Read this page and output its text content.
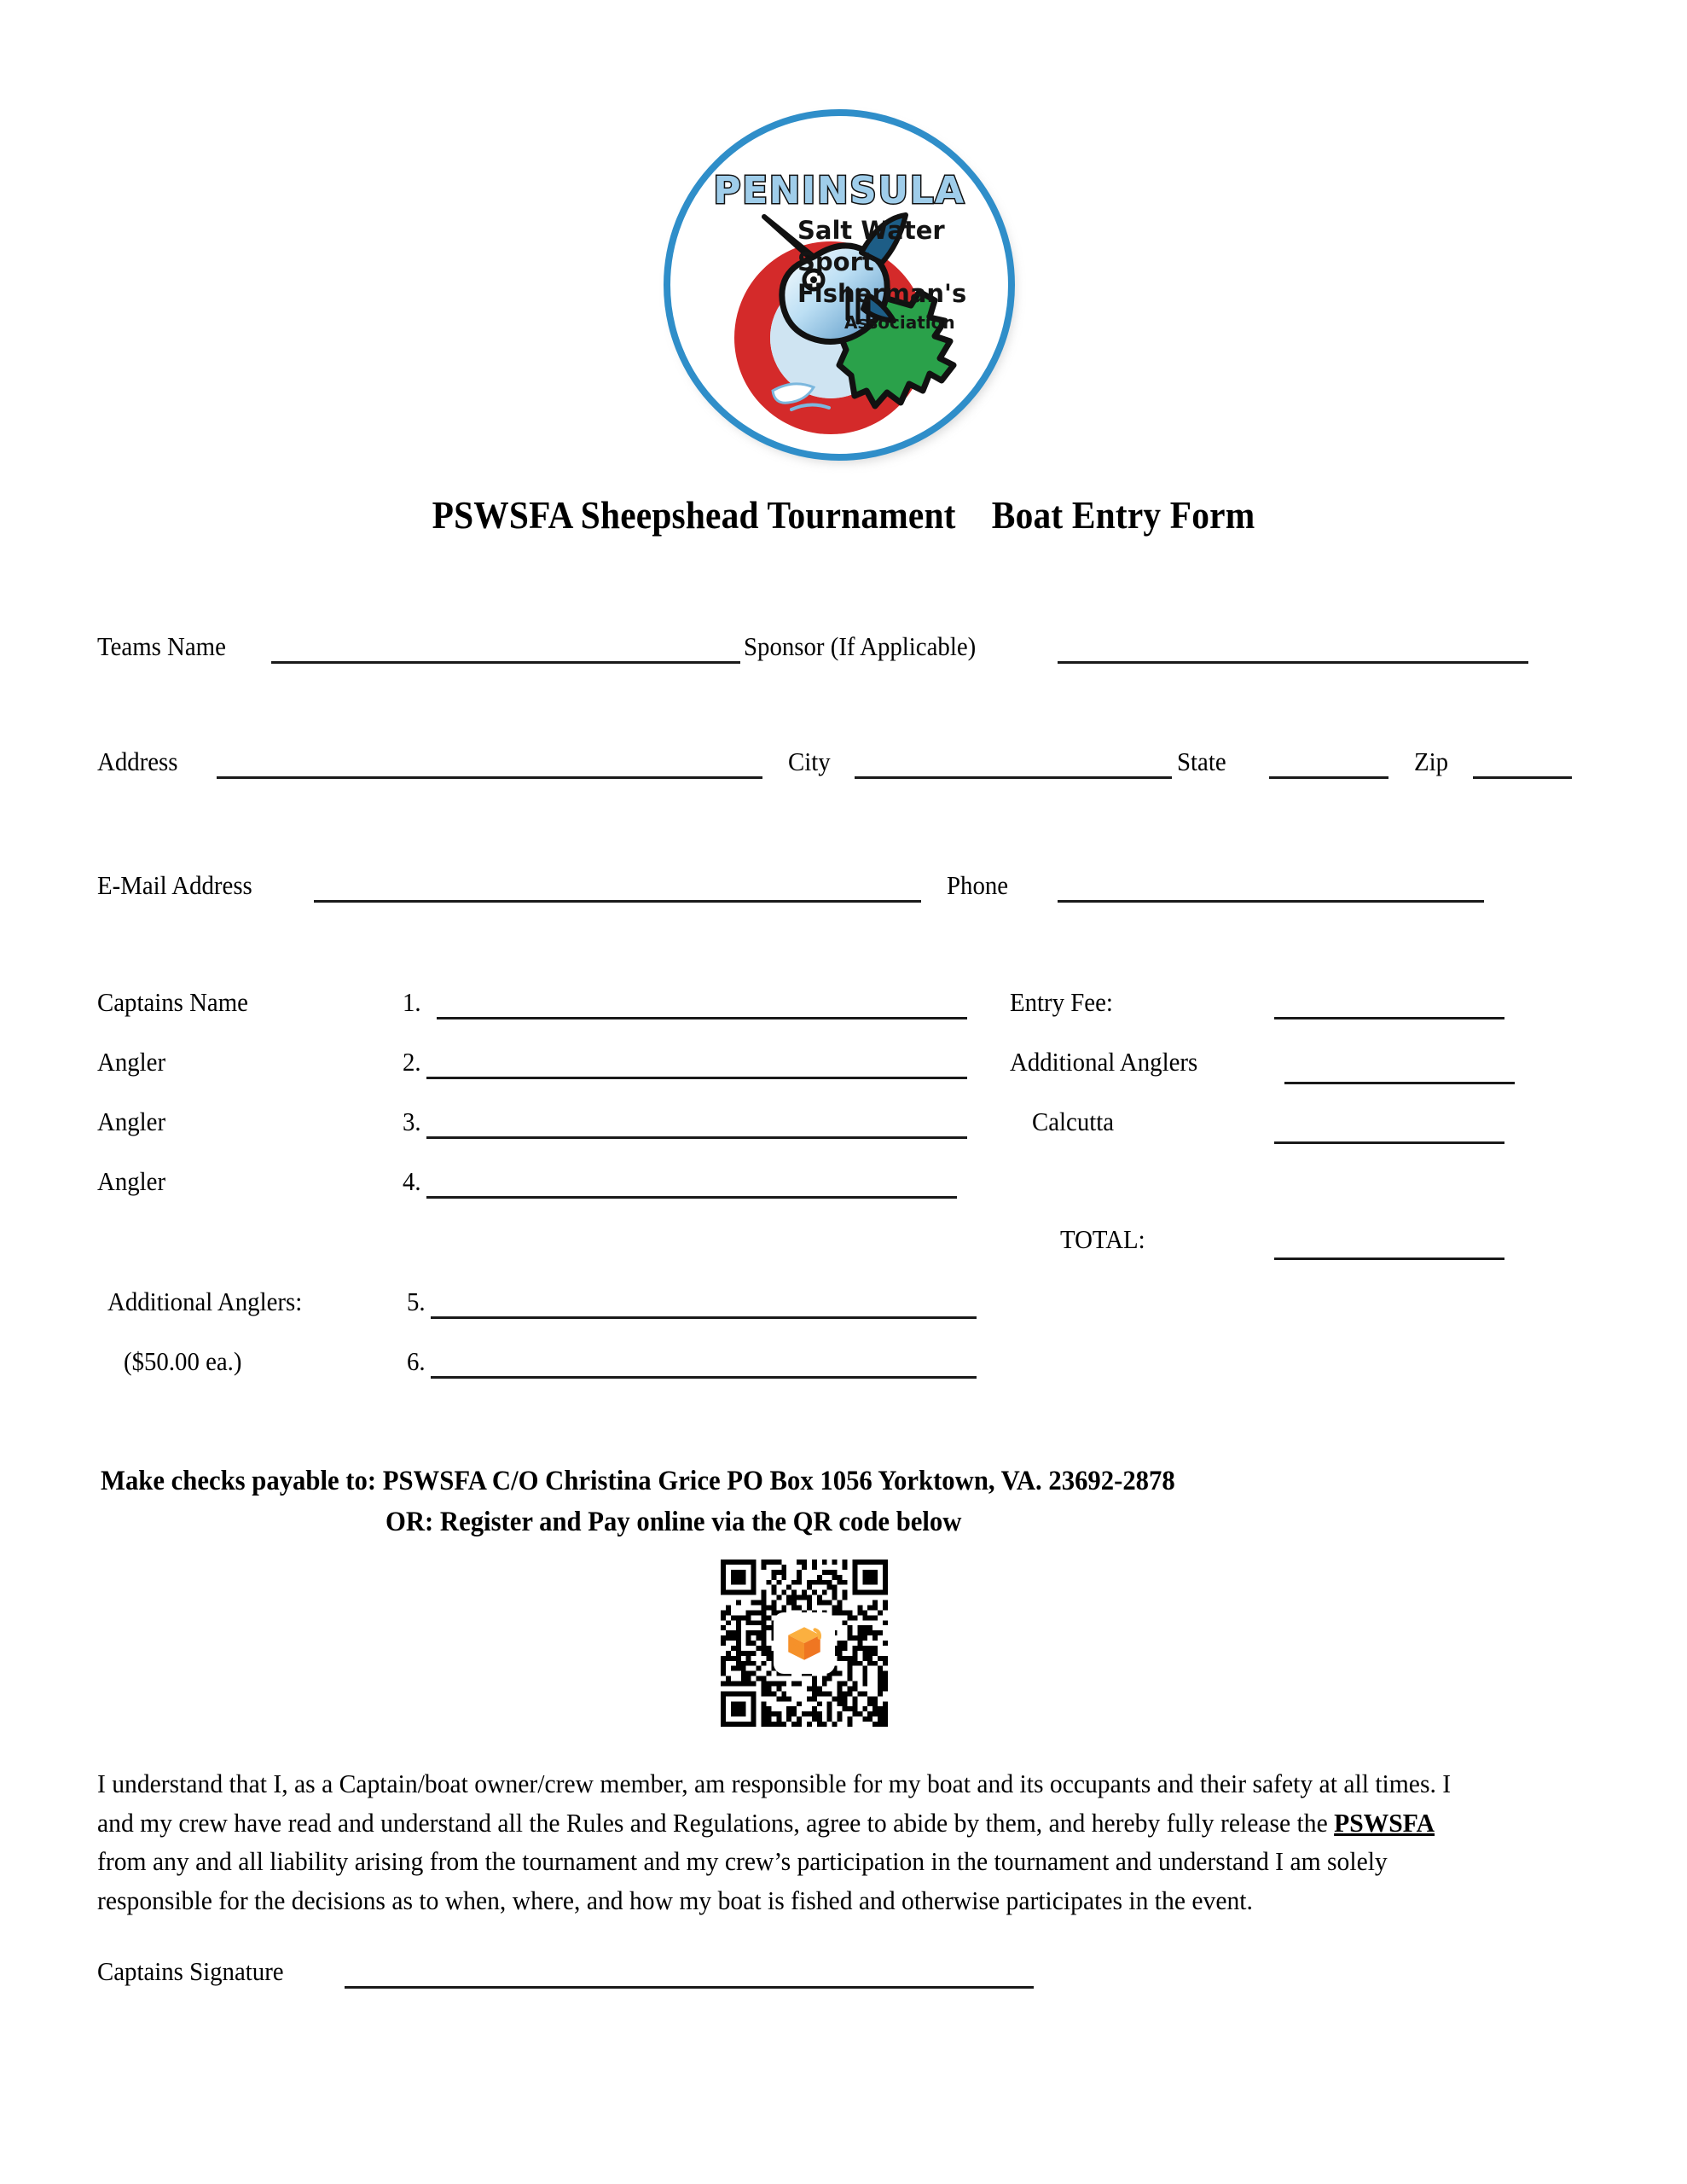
PENINSULA
Salt Water
Sport
Fisherman's
Association
PSWSFA Sheepshead Tournament    Boat Entry Form
Teams Name	Sponsor (If Applicable)
Address	City	State	Zip
E-Mail Address	Phone
Captains Name	1.
Angler	2.
Angler	3.
Angler	4.
Entry Fee:
Additional Anglers
Calcutta
TOTAL:
Additional Anglers:	5.
($50.00 ea.)	6.
Make checks payable to: PSWSFA C/O Christina Grice PO Box 1056 Yorktown, VA. 23692-2878
OR: Register and Pay online via the QR code below
I understand that I, as a Captain/boat owner/crew member, am responsible for my boat and its occupants and their safety at all times. I and my crew have read and understand all the Rules and Regulations, agree to abide by them, and hereby fully release the PSWSFA from any and all liability arising from the tournament and my crew’s participation in the tournament and understand I am solely responsible for the decisions as to when, where, and how my boat is fished and otherwise participates in the event.
Captains Signature
